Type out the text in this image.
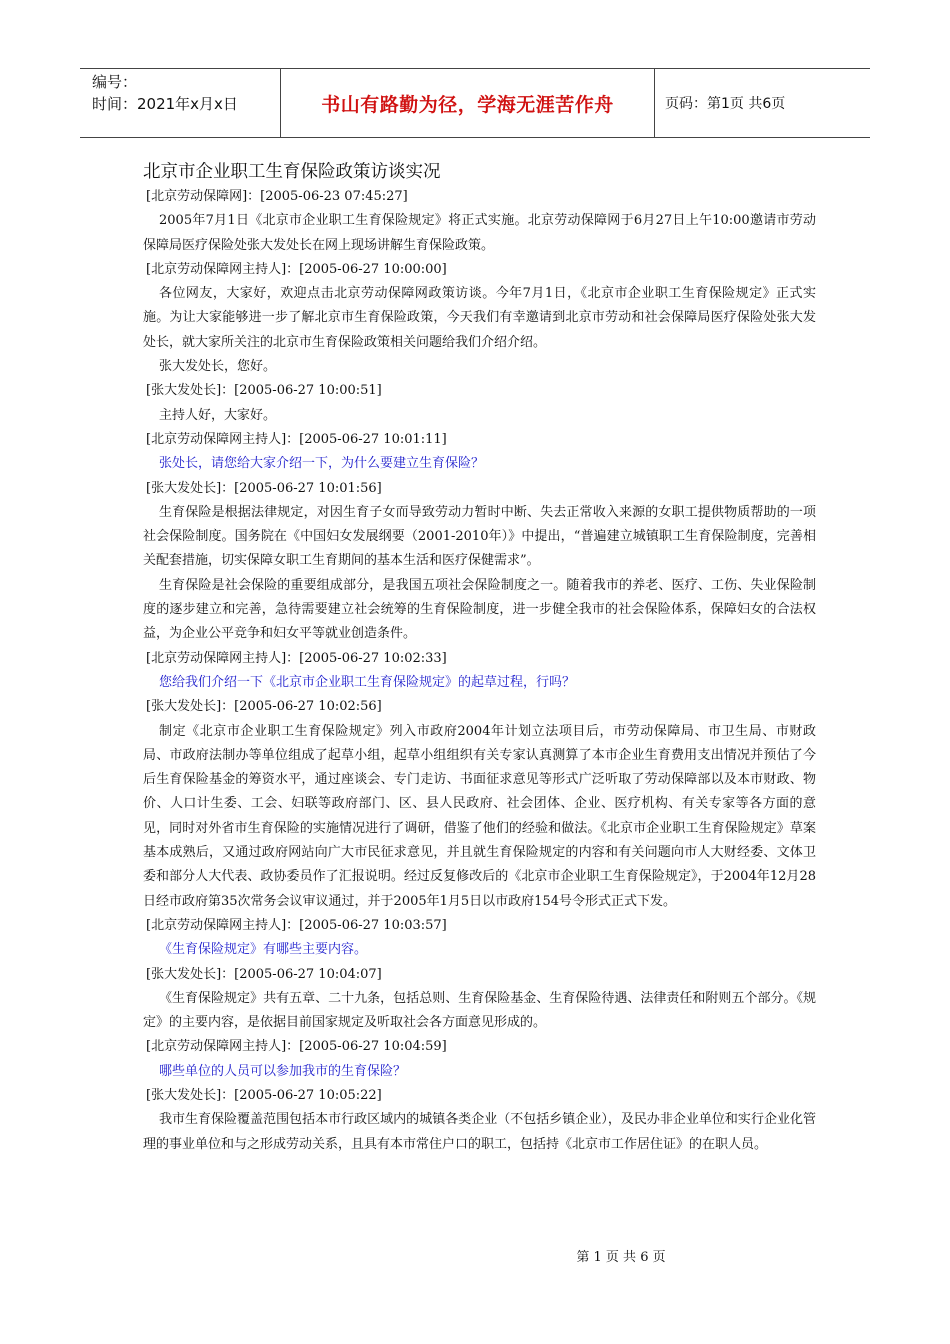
编号：
时间：2021年x月x日	书山有路勤为径，学海无涯苦作舟	页码：第1页 共6页
北京市企业职工生育保险政策访谈实况

[北京劳动保障网]：[2005-06-23 07:45:27]

2005年7月1日《北京市企业职工生育保险规定》将正式实施。北京劳动保障网于6月27日上午10:00邀请市劳动保障局医疗保险处张大发处长在网上现场讲解生育保险政策。

[北京劳动保障网主持人]：[2005-06-27 10:00:00]

各位网友，大家好，欢迎点击北京劳动保障网政策访谈。今年7月1日，《北京市企业职工生育保险规定》正式实施。为让大家能够进一步了解北京市生育保险政策，今天我们有幸邀请到北京市劳动和社会保障局医疗保险处张大发处长，就大家所关注的北京市生育保险政策相关问题给我们介绍介绍。

张大发处长，您好。

[张大发处长]：[2005-06-27 10:00:51]

主持人好，大家好。

[北京劳动保障网主持人]：[2005-06-27 10:01:11]

张处长，请您给大家介绍一下，为什么要建立生育保险？

[张大发处长]：[2005-06-27 10:01:56]

生育保险是根据法律规定，对因生育子女而导致劳动力暂时中断、失去正常收入来源的女职工提供物质帮助的一项社会保险制度。国务院在《中国妇女发展纲要（2001-2010年）》中提出，“普遍建立城镇职工生育保险制度，完善相关配套措施，切实保障女职工生育期间的基本生活和医疗保健需求”。

生育保险是社会保险的重要组成部分，是我国五项社会保险制度之一。随着我市的养老、医疗、工伤、失业保险制度的逐步建立和完善，急待需要建立社会统筹的生育保险制度，进一步健全我市的社会保险体系，保障妇女的合法权益，为企业公平竞争和妇女平等就业创造条件。

[北京劳动保障网主持人]：[2005-06-27 10:02:33]

您给我们介绍一下《北京市企业职工生育保险规定》的起草过程，行吗？

[张大发处长]：[2005-06-27 10:02:56]

制定《北京市企业职工生育保险规定》列入市政府2004年计划立法项目后，市劳动保障局、市卫生局、市财政局、市政府法制办等单位组成了起草小组，起草小组组织有关专家认真测算了本市企业生育费用支出情况并预估了今后生育保险基金的筹资水平，通过座谈会、专门走访、书面征求意见等形式广泛听取了劳动保障部以及本市财政、物价、人口计生委、工会、妇联等政府部门、区、县人民政府、社会团体、企业、医疗机构、有关专家等各方面的意见，同时对外省市生育保险的实施情况进行了调研，借鉴了他们的经验和做法。《北京市企业职工生育保险规定》草案基本成熟后，又通过政府网站向广大市民征求意见，并且就生育保险规定的内容和有关问题向市人大财经委、文体卫委和部分人大代表、政协委员作了汇报说明。经过反复修改后的《北京市企业职工生育保险规定》，于2004年12月28日经市政府第35次常务会议审议通过，并于2005年1月5日以市政府154号令形式正式下发。

[北京劳动保障网主持人]：[2005-06-27 10:03:57]

《生育保险规定》有哪些主要内容。

[张大发处长]：[2005-06-27 10:04:07]

《生育保险规定》共有五章、二十九条，包括总则、生育保险基金、生育保险待遇、法律责任和附则五个部分。《规定》的主要内容，是依据目前国家规定及听取社会各方面意见形成的。

[北京劳动保障网主持人]：[2005-06-27 10:04:59]

哪些单位的人员可以参加我市的生育保险？

[张大发处长]：[2005-06-27 10:05:22]

我市生育保险覆盖范围包括本市行政区域内的城镇各类企业（不包括乡镇企业），及民办非企业单位和实行企业化管理的事业单位和与之形成劳动关系，且具有本市常住户口的职工，包括持《北京市工作居住证》的在职人员。

第 1 页 共 6 页
